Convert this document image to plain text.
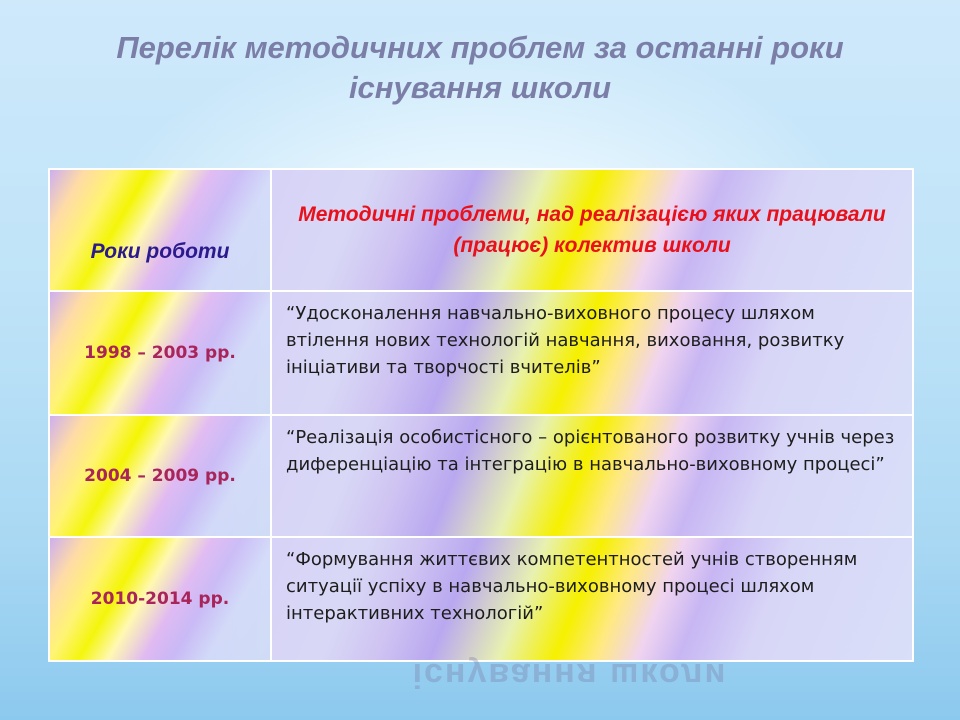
Перелік методичних проблем за останні роки
існування школи
Роки роботи
Методичні проблеми, над реалізацією яких працювали (працює) колектив школи
1998 – 2003 рр.
“Удосконалення навчально-виховного процесу шляхом втілення нових технологій навчання, виховання, розвитку ініціативи та творчості вчителів”
2004 – 2009 рр.
“Реалізація особистісного – орієнтованого розвитку учнів через диференціацію та інтеграцію в навчально-виховному процесі”
2010-2014 рр.
“Формування життєвих компетентностей учнів створенням ситуації успіху в навчально-виховному процесі шляхом інтерактивних технологій”
існування школи
